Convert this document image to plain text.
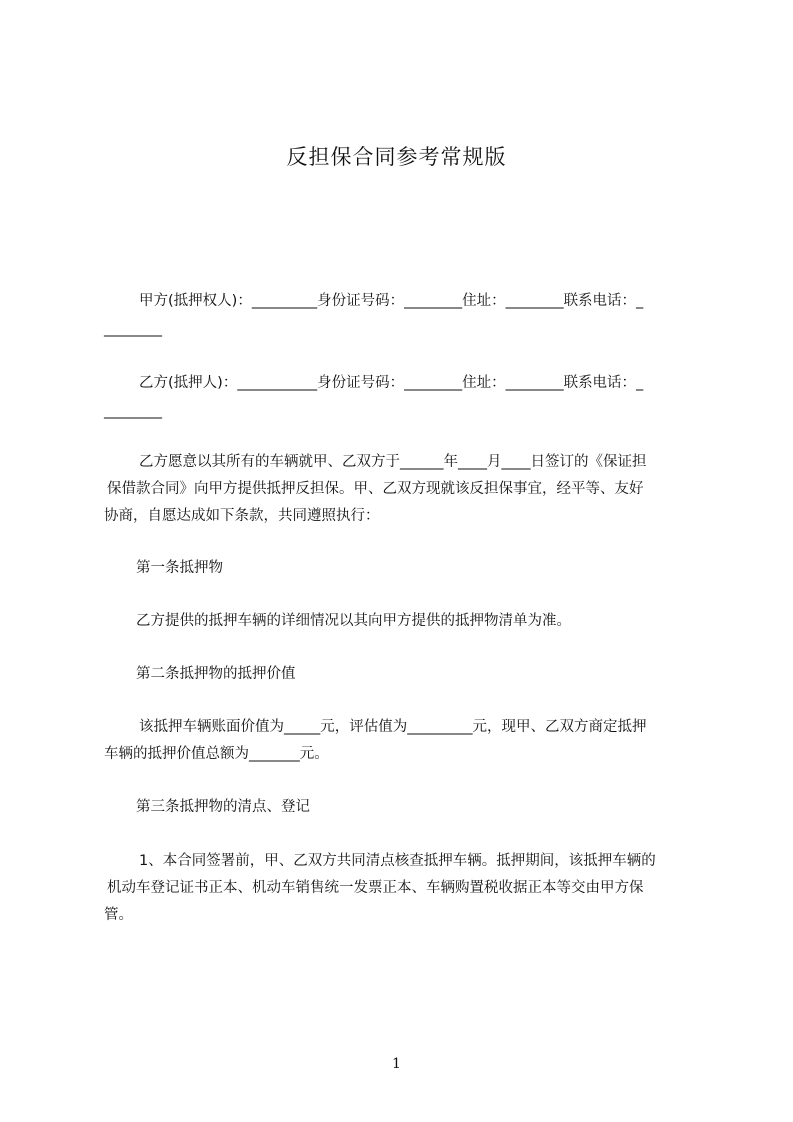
反担保合同参考常规版
甲方(抵押权人)：_________身份证号码：________住址：________联系电话：_
________
乙方(抵押人)：___________身份证号码：________住址：________联系电话：_
________
乙方愿意以其所有的车辆就甲、乙双方于______年____月____日签订的《保证担
保借款合同》向甲方提供抵押反担保。甲、乙双方现就该反担保事宜，经平等、友好
协商，自愿达成如下条款，共同遵照执行：
第一条抵押物
乙方提供的抵押车辆的详细情况以其向甲方提供的抵押物清单为准。
第二条抵押物的抵押价值
该抵押车辆账面价值为_____元，评估值为_________元，现甲、乙双方商定抵押
车辆的抵押价值总额为_______元。
第三条抵押物的清点、登记
1、本合同签署前，甲、乙双方共同清点核查抵押车辆。抵押期间，该抵押车辆的
机动车登记证书正本、机动车销售统一发票正本、车辆购置税收据正本等交由甲方保
管。
1
